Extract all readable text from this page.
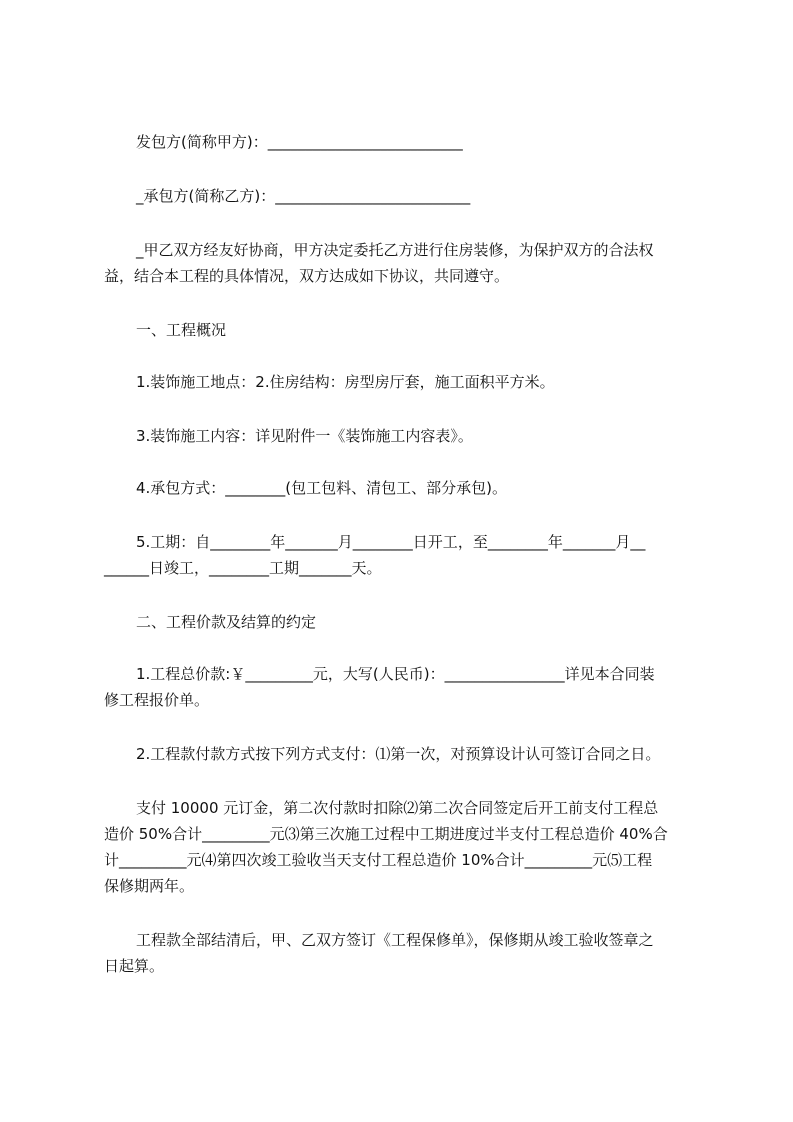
发包方(简称甲方)：__________________________
_承包方(简称乙方)：__________________________
_甲乙双方经友好协商，甲方决定委托乙方进行住房装修，为保护双方的合法权
益，结合本工程的具体情况，双方达成如下协议，共同遵守。
一、工程概况
1.装饰施工地点：2.住房结构：房型房厅套，施工面积平方米。
3.装饰施工内容：详见附件一《装饰施工内容表》。
4.承包方式：________(包工包料、清包工、部分承包)。
5.工期：自________年_______月________日开工，至________年_______月__
______日竣工，________工期_______天。
二、工程价款及结算的约定
1.工程总价款:￥_________元，大写(人民币)：________________详见本合同装
修工程报价单。
2.工程款付款方式按下列方式支付：⑴第一次，对预算设计认可签订合同之日。
支付 10000 元订金，第二次付款时扣除⑵第二次合同签定后开工前支付工程总
造价 50%合计_________元⑶第三次施工过程中工期进度过半支付工程总造价 40%合
计_________元⑷第四次竣工验收当天支付工程总造价 10%合计_________元⑸工程
保修期两年。
工程款全部结清后，甲、乙双方签订《工程保修单》，保修期从竣工验收签章之
日起算。
